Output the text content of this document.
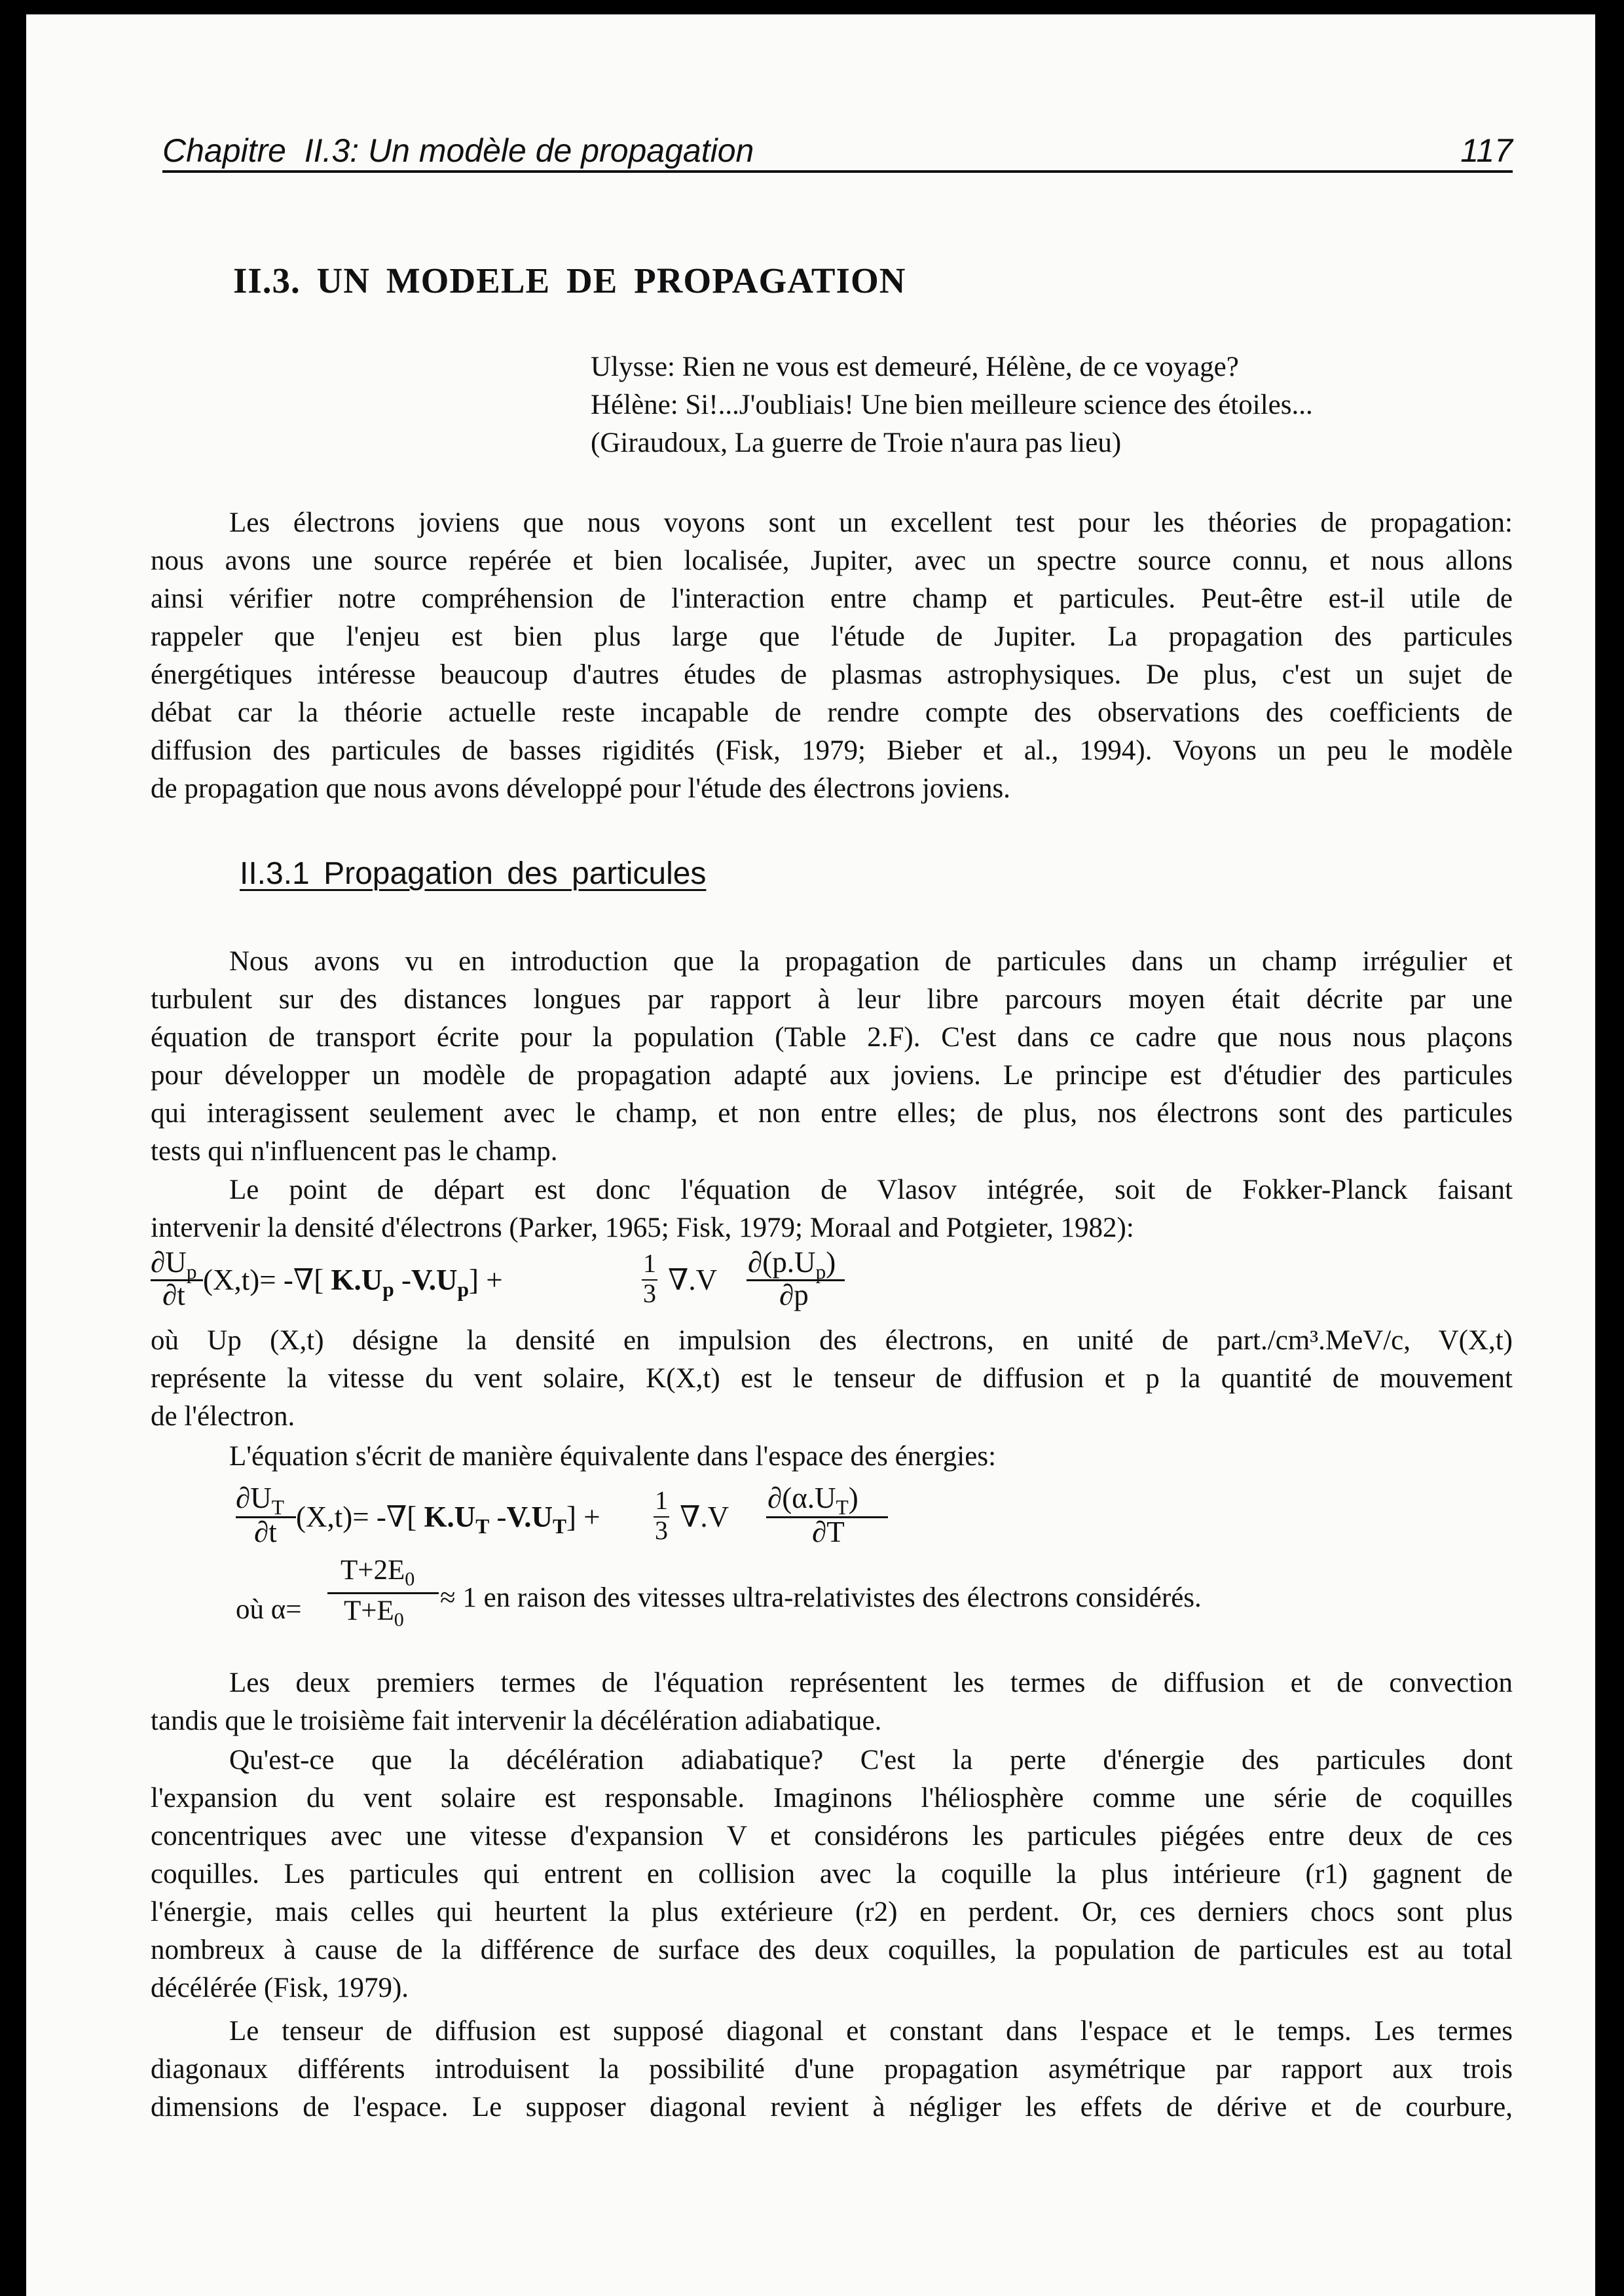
Chapitre  II.3: Un modèle de propagation	117
II.3. UN MODELE DE PROPAGATION
Ulysse: Rien ne vous est demeuré, Hélène, de ce voyage?
Hélène: Si!...J'oubliais! Une bien meilleure science des étoiles...
(Giraudoux, La guerre de Troie n'aura pas lieu)
Les électrons joviens que nous voyons sont un excellent test pour les théories de propagation:
nous avons une source repérée et bien localisée, Jupiter, avec un spectre source connu, et nous allons
ainsi vérifier notre compréhension de l'interaction entre champ et particules. Peut-être est-il utile de
rappeler que l'enjeu est bien plus large que l'étude de Jupiter. La propagation des particules
énergétiques intéresse beaucoup d'autres études de plasmas astrophysiques. De plus, c'est un sujet de
débat car la théorie actuelle reste incapable de rendre compte des observations des coefficients de
diffusion des particules de basses rigidités (Fisk, 1979; Bieber et al., 1994). Voyons un peu le modèle
de propagation que nous avons développé pour l'étude des électrons joviens.
II.3.1 Propagation des particules
Nous avons vu en introduction que la propagation de particules dans un champ irrégulier et
turbulent sur des distances longues par rapport à leur libre parcours moyen était décrite par une
équation de transport écrite pour la population (Table 2.F). C'est dans ce cadre que nous nous plaçons
pour développer un modèle de propagation adapté aux joviens. Le principe est d'étudier des particules
qui interagissent seulement avec le champ, et non entre elles; de plus, nos électrons sont des particules
tests qui n'influencent pas le champ.
Le point de départ est donc l'équation de Vlasov intégrée, soit de Fokker-Planck faisant
intervenir la densité d'électrons (Parker, 1965; Fisk, 1979; Moraal and Potgieter, 1982):
$\partial U_p$
∂t (X,t)= -∇[ $K.U_p$ $-V.U_p$] +
1
3 ∇.V
$\partial(p.U_p)$
∂p
où Up (X,t) désigne la densité en impulsion des électrons, en unité de part./cm³.MeV/c, V(X,t)
représente la vitesse du vent solaire, K(X,t) est le tenseur de diffusion et p la quantité de mouvement
de l'électron.
L'équation s'écrit de manière équivalente dans l'espace des énergies:
$\partial U_T$
∂t (X,t)= -∇[ $K.U_T$ $-V.U_T$] +
1
3 ∇.V
$\partial(\alpha.U_T)$
∂T
où α=
$T+2E_0$
$T+E_0$
≈ 1 en raison des vitesses ultra-relativistes des électrons considérés.
Les deux premiers termes de l'équation représentent les termes de diffusion et de convection
tandis que le troisième fait intervenir la décélération adiabatique.
Qu'est-ce que la décélération adiabatique? C'est la perte d'énergie des particules dont
l'expansion du vent solaire est responsable. Imaginons l'héliosphère comme une série de coquilles
concentriques avec une vitesse d'expansion V et considérons les particules piégées entre deux de ces
coquilles. Les particules qui entrent en collision avec la coquille la plus intérieure (r1) gagnent de
l'énergie, mais celles qui heurtent la plus extérieure (r2) en perdent. Or, ces derniers chocs sont plus
nombreux à cause de la différence de surface des deux coquilles, la population de particules est au total
décélérée (Fisk, 1979).
Le tenseur de diffusion est supposé diagonal et constant dans l'espace et le temps. Les termes
diagonaux différents introduisent la possibilité d'une propagation asymétrique par rapport aux trois
dimensions de l'espace. Le supposer diagonal revient à négliger les effets de dérive et de courbure,
